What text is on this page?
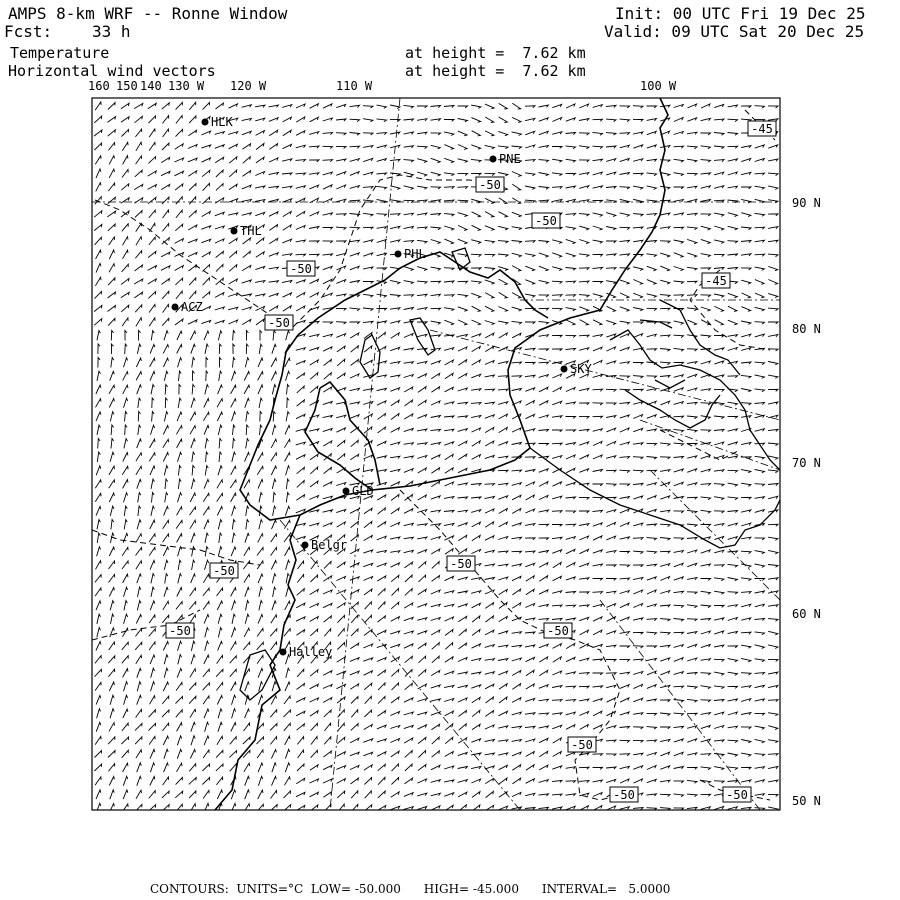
AMPS 8-km WRF -- Ronne Window
Fcst: 33 h
Temperature
Horizontal wind vectors
Init: 00 UTC Fri 19 Dec 25
Valid: 09 UTC Sat 20 Dec 25
at height =  7.62 km
at height =  7.62 km
-45
-50
-50
-45
-50
-50
-50
-50
-50
-50
-50
-50	-50
HLK
PNE
THL
PHL
ACZ
SKY
GLD
Belgr
Halley
160 150 140 130 W 120 W	110 W	100 W
90 N
80 N
70 N
60 N
50 N
CONTOURS:  UNITS=°C  LOW= -50.000      HIGH= -45.000      INTERVAL=   5.0000
